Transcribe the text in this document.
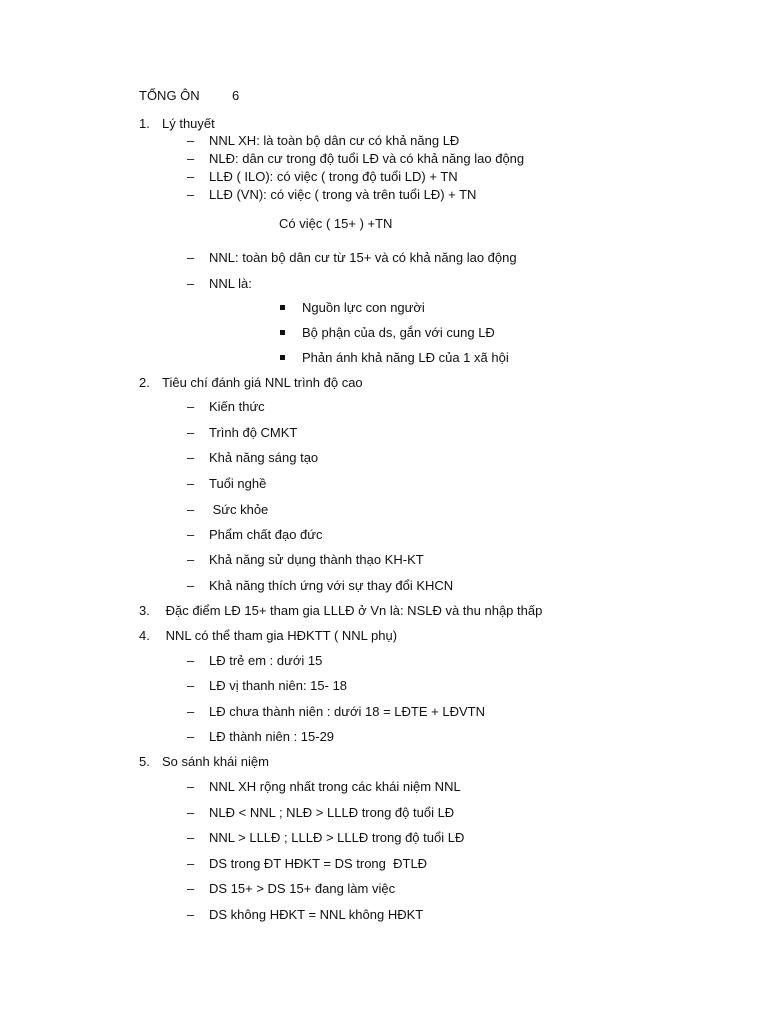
TỔNG ÔN 6
1. Lý thuyết
– NNL XH: là toàn bộ dân cư có khả năng LĐ
– NLĐ: dân cư trong độ tuổi LĐ và có khả năng lao động
– LLĐ ( ILO): có việc ( trong độ tuổi LD) + TN
– LLĐ (VN): có việc ( trong và trên tuổi LĐ) + TN
Có việc ( 15+ ) +TN
– NNL: toàn bộ dân cư từ 15+ và có khả năng lao động
– NNL là:
Nguồn lực con người
Bộ phận của ds, gắn với cung LĐ
Phản ánh khả năng LĐ của 1 xã hội
2. Tiêu chí đánh giá NNL trình độ cao
– Kiến thức
– Trình độ CMKT
– Khả năng sáng tạo
– Tuổi nghề
– Sức khỏe
– Phẩm chất đạo đức
– Khả năng sử dụng thành thạo KH-KT
– Khả năng thích ứng với sự thay đổi KHCN
3. Đặc điểm LĐ 15+ tham gia LLLĐ ở Vn là: NSLĐ và thu nhập thấp
4. NNL có thể tham gia HĐKTT ( NNL phụ)
– LĐ trẻ em : dưới 15
– LĐ vị thanh niên: 15- 18
– LĐ chưa thành niên : dưới 18 = LĐTE + LĐVTN
– LĐ thành niên : 15-29
5. So sánh khái niệm
– NNL XH rộng nhất trong các khái niệm NNL
– NLĐ < NNL ; NLĐ > LLLĐ trong độ tuổi LĐ
– NNL > LLLĐ ; LLLĐ > LLLĐ trong độ tuổi LĐ
– DS trong ĐT HĐKT = DS trong  ĐTLĐ
– DS 15+ > DS 15+ đang làm việc
– DS không HĐKT = NNL không HĐKT
